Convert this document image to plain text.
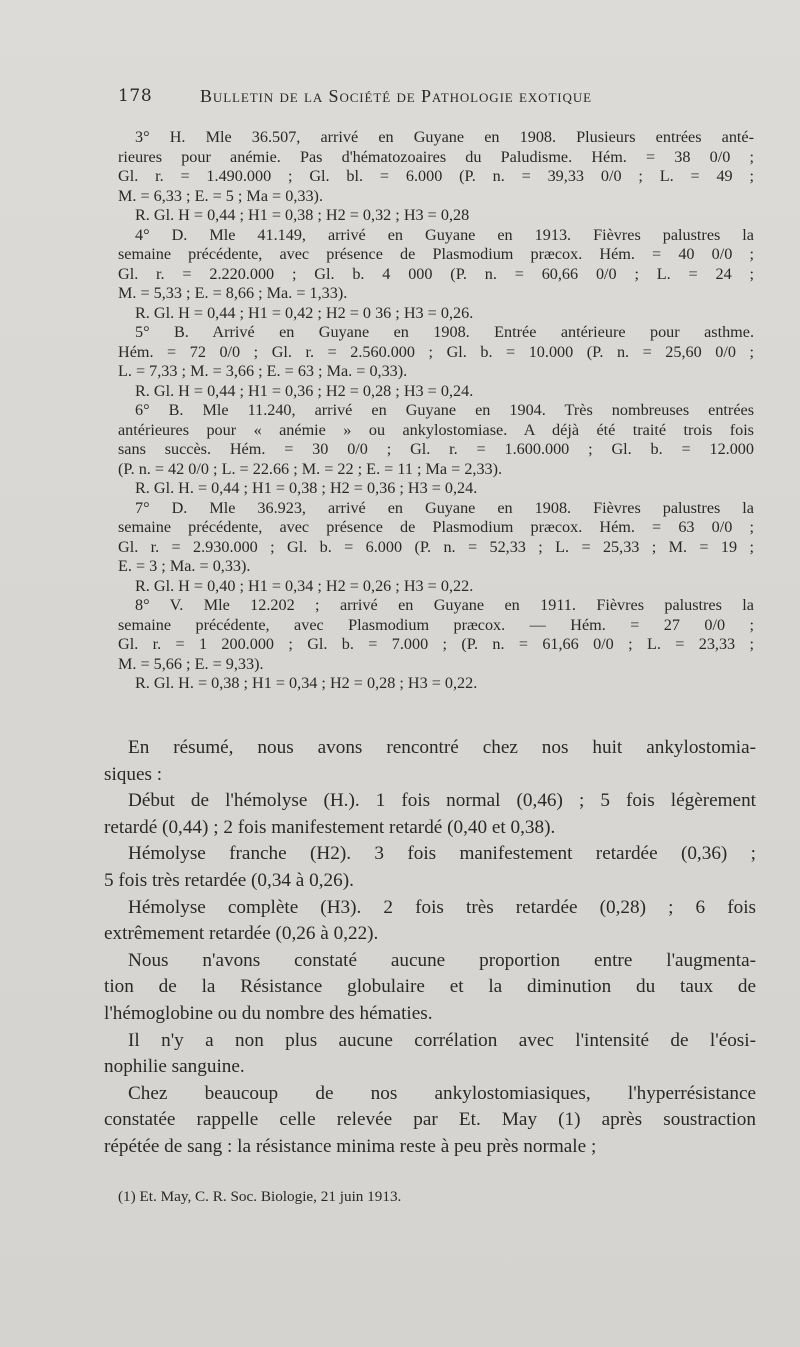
178	Bulletin de la Société de Pathologie exotique

3° H. Mle 36.507, arrivé en Guyane en 1908. Plusieurs entrées anté-
rieures pour anémie. Pas d'hématozoaires du Paludisme. Hém. = 38 0/0 ;
Gl. r. = 1.490.000 ; Gl. bl. = 6.000 (P. n. = 39,33 0/0 ; L. = 49 ;
M. = 6,33 ; E. = 5 ; Ma = 0,33).

R. Gl. H = 0,44 ; H1 = 0,38 ; H2 = 0,32 ; H3 = 0,28

4° D. Mle 41.149, arrivé en Guyane en 1913. Fièvres palustres la
semaine précédente, avec présence de Plasmodium præcox. Hém. = 40 0/0 ;
Gl. r. = 2.220.000 ; Gl. b. 4 000 (P. n. = 60,66 0/0 ; L. = 24 ;
M. = 5,33 ; E. = 8,66 ; Ma. = 1,33).

R. Gl. H = 0,44 ; H1 = 0,42 ; H2 = 0 36 ; H3 = 0,26.

5° B. Arrivé en Guyane en 1908. Entrée antérieure pour asthme.
Hém. = 72 0/0 ; Gl. r. = 2.560.000 ; Gl. b. = 10.000 (P. n. = 25,60 0/0 ;
L. = 7,33 ; M. = 3,66 ; E. = 63 ; Ma. = 0,33).

R. Gl. H = 0,44 ; H1 = 0,36 ; H2 = 0,28 ; H3 = 0,24.

6° B. Mle 11.240, arrivé en Guyane en 1904. Très nombreuses entrées
antérieures pour « anémie » ou ankylostomiase. A déjà été traité trois fois
sans succès. Hém. = 30 0/0 ; Gl. r. = 1.600.000 ; Gl. b. = 12.000
(P. n. = 42 0/0 ; L. = 22.66 ; M. = 22 ; E. = 11 ; Ma = 2,33).

R. Gl. H. = 0,44 ; H1 = 0,38 ; H2 = 0,36 ; H3 = 0,24.

7° D. Mle 36.923, arrivé en Guyane en 1908. Fièvres palustres la
semaine précédente, avec présence de Plasmodium præcox. Hém. = 63 0/0 ;
Gl. r. = 2.930.000 ; Gl. b. = 6.000 (P. n. = 52,33 ; L. = 25,33 ; M. = 19 ;
E. = 3 ; Ma. = 0,33).

R. Gl. H = 0,40 ; H1 = 0,34 ; H2 = 0,26 ; H3 = 0,22.

8° V. Mle 12.202 ; arrivé en Guyane en 1911. Fièvres palustres la
semaine précédente, avec Plasmodium præcox. — Hém. = 27 0/0 ;
Gl. r. = 1 200.000 ; Gl. b. = 7.000 ; (P. n. = 61,66 0/0 ; L. = 23,33 ;
M. = 5,66 ; E. = 9,33).

R. Gl. H. = 0,38 ; H1 = 0,34 ; H2 = 0,28 ; H3 = 0,22.

En résumé, nous avons rencontré chez nos huit ankylostomia-
siques :

Début de l'hémolyse (H.). 1 fois normal (0,46) ; 5 fois légèrement
retardé (0,44) ; 2 fois manifestement retardé (0,40 et 0,38).

Hémolyse franche (H2). 3 fois manifestement retardée (0,36) ;
5 fois très retardée (0,34 à 0,26).

Hémolyse complète (H3). 2 fois très retardée (0,28) ; 6 fois
extrêmement retardée (0,26 à 0,22).

Nous n'avons constaté aucune proportion entre l'augmenta-
tion de la Résistance globulaire et la diminution du taux de
l'hémoglobine ou du nombre des hématies.

Il n'y a non plus aucune corrélation avec l'intensité de l'éosi-
nophilie sanguine.

Chez beaucoup de nos ankylostomiasiques, l'hyperrésistance
constatée rappelle celle relevée par Et. May (1) après soustraction
répétée de sang : la résistance minima reste à peu près normale ;

(1) Et. May, C. R. Soc. Biologie, 21 juin 1913.
